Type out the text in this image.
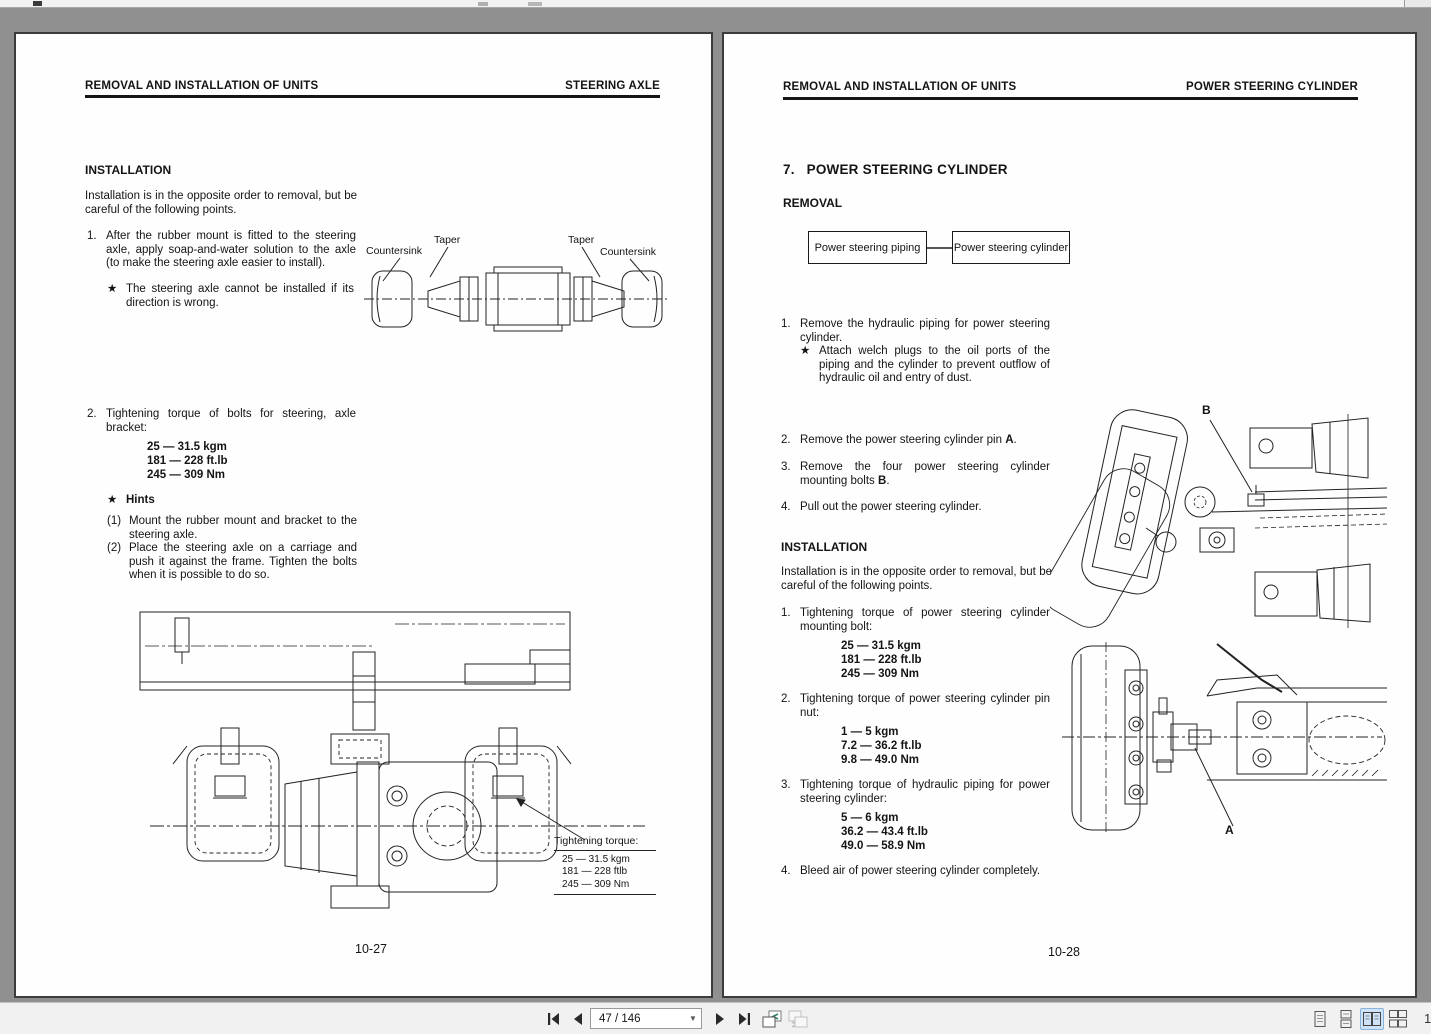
REMOVAL AND INSTALLATION OF UNITS	STEERING AXLE
INSTALLATION
Installation is in the opposite order to removal, but be careful of the following points.
1. After the rubber mount is fitted to the steering axle, apply soap-and-water solution to the axle (to make the steering axle easier to install).
★ The steering axle cannot be installed if its direction is wrong.
Countersink
Taper	Taper
Countersink
2. Tightening torque of bolts for steering, axle bracket:
25 — 31.5 kgm
181 — 228 ft.lb
245 — 309 Nm
★ Hints
(1) Mount the rubber mount and bracket to the steering axle.
(2) Place the steering axle on a carriage and push it against the frame. Tighten the bolts when it is possible to do so.
Tightening torque:
25 — 31.5 kgm
181 — 228 ftlb
245 — 309 Nm
10-27
REMOVAL AND INSTALLATION OF UNITS	POWER STEERING CYLINDER
7. POWER STEERING CYLINDER
REMOVAL
Power steering piping	Power steering cylinder
1. Remove the hydraulic piping for power steering cylinder.
★ Attach welch plugs to the oil ports of the piping and the cylinder to prevent outflow of hydraulic oil and entry of dust.
2. Remove the power steering cylinder pin A.
3. Remove the four power steering cylinder mounting bolts B.
4. Pull out the power steering cylinder.
INSTALLATION
Installation is in the opposite order to removal, but be careful of the following points.
1. Tightening torque of power steering cylinder mounting bolt:
25 — 31.5 kgm
181 — 228 ft.lb
245 — 309 Nm
2. Tightening torque of power steering cylinder pin nut:
1 — 5 kgm
7.2 — 36.2 ft.lb
9.8 — 49.0 Nm
3. Tightening torque of hydraulic piping for power steering cylinder:
5 — 6 kgm
36.2 — 43.4 ft.lb
49.0 — 58.9 Nm
4. Bleed air of power steering cylinder completely.
B
A
10-28
47 / 146	▼	1
